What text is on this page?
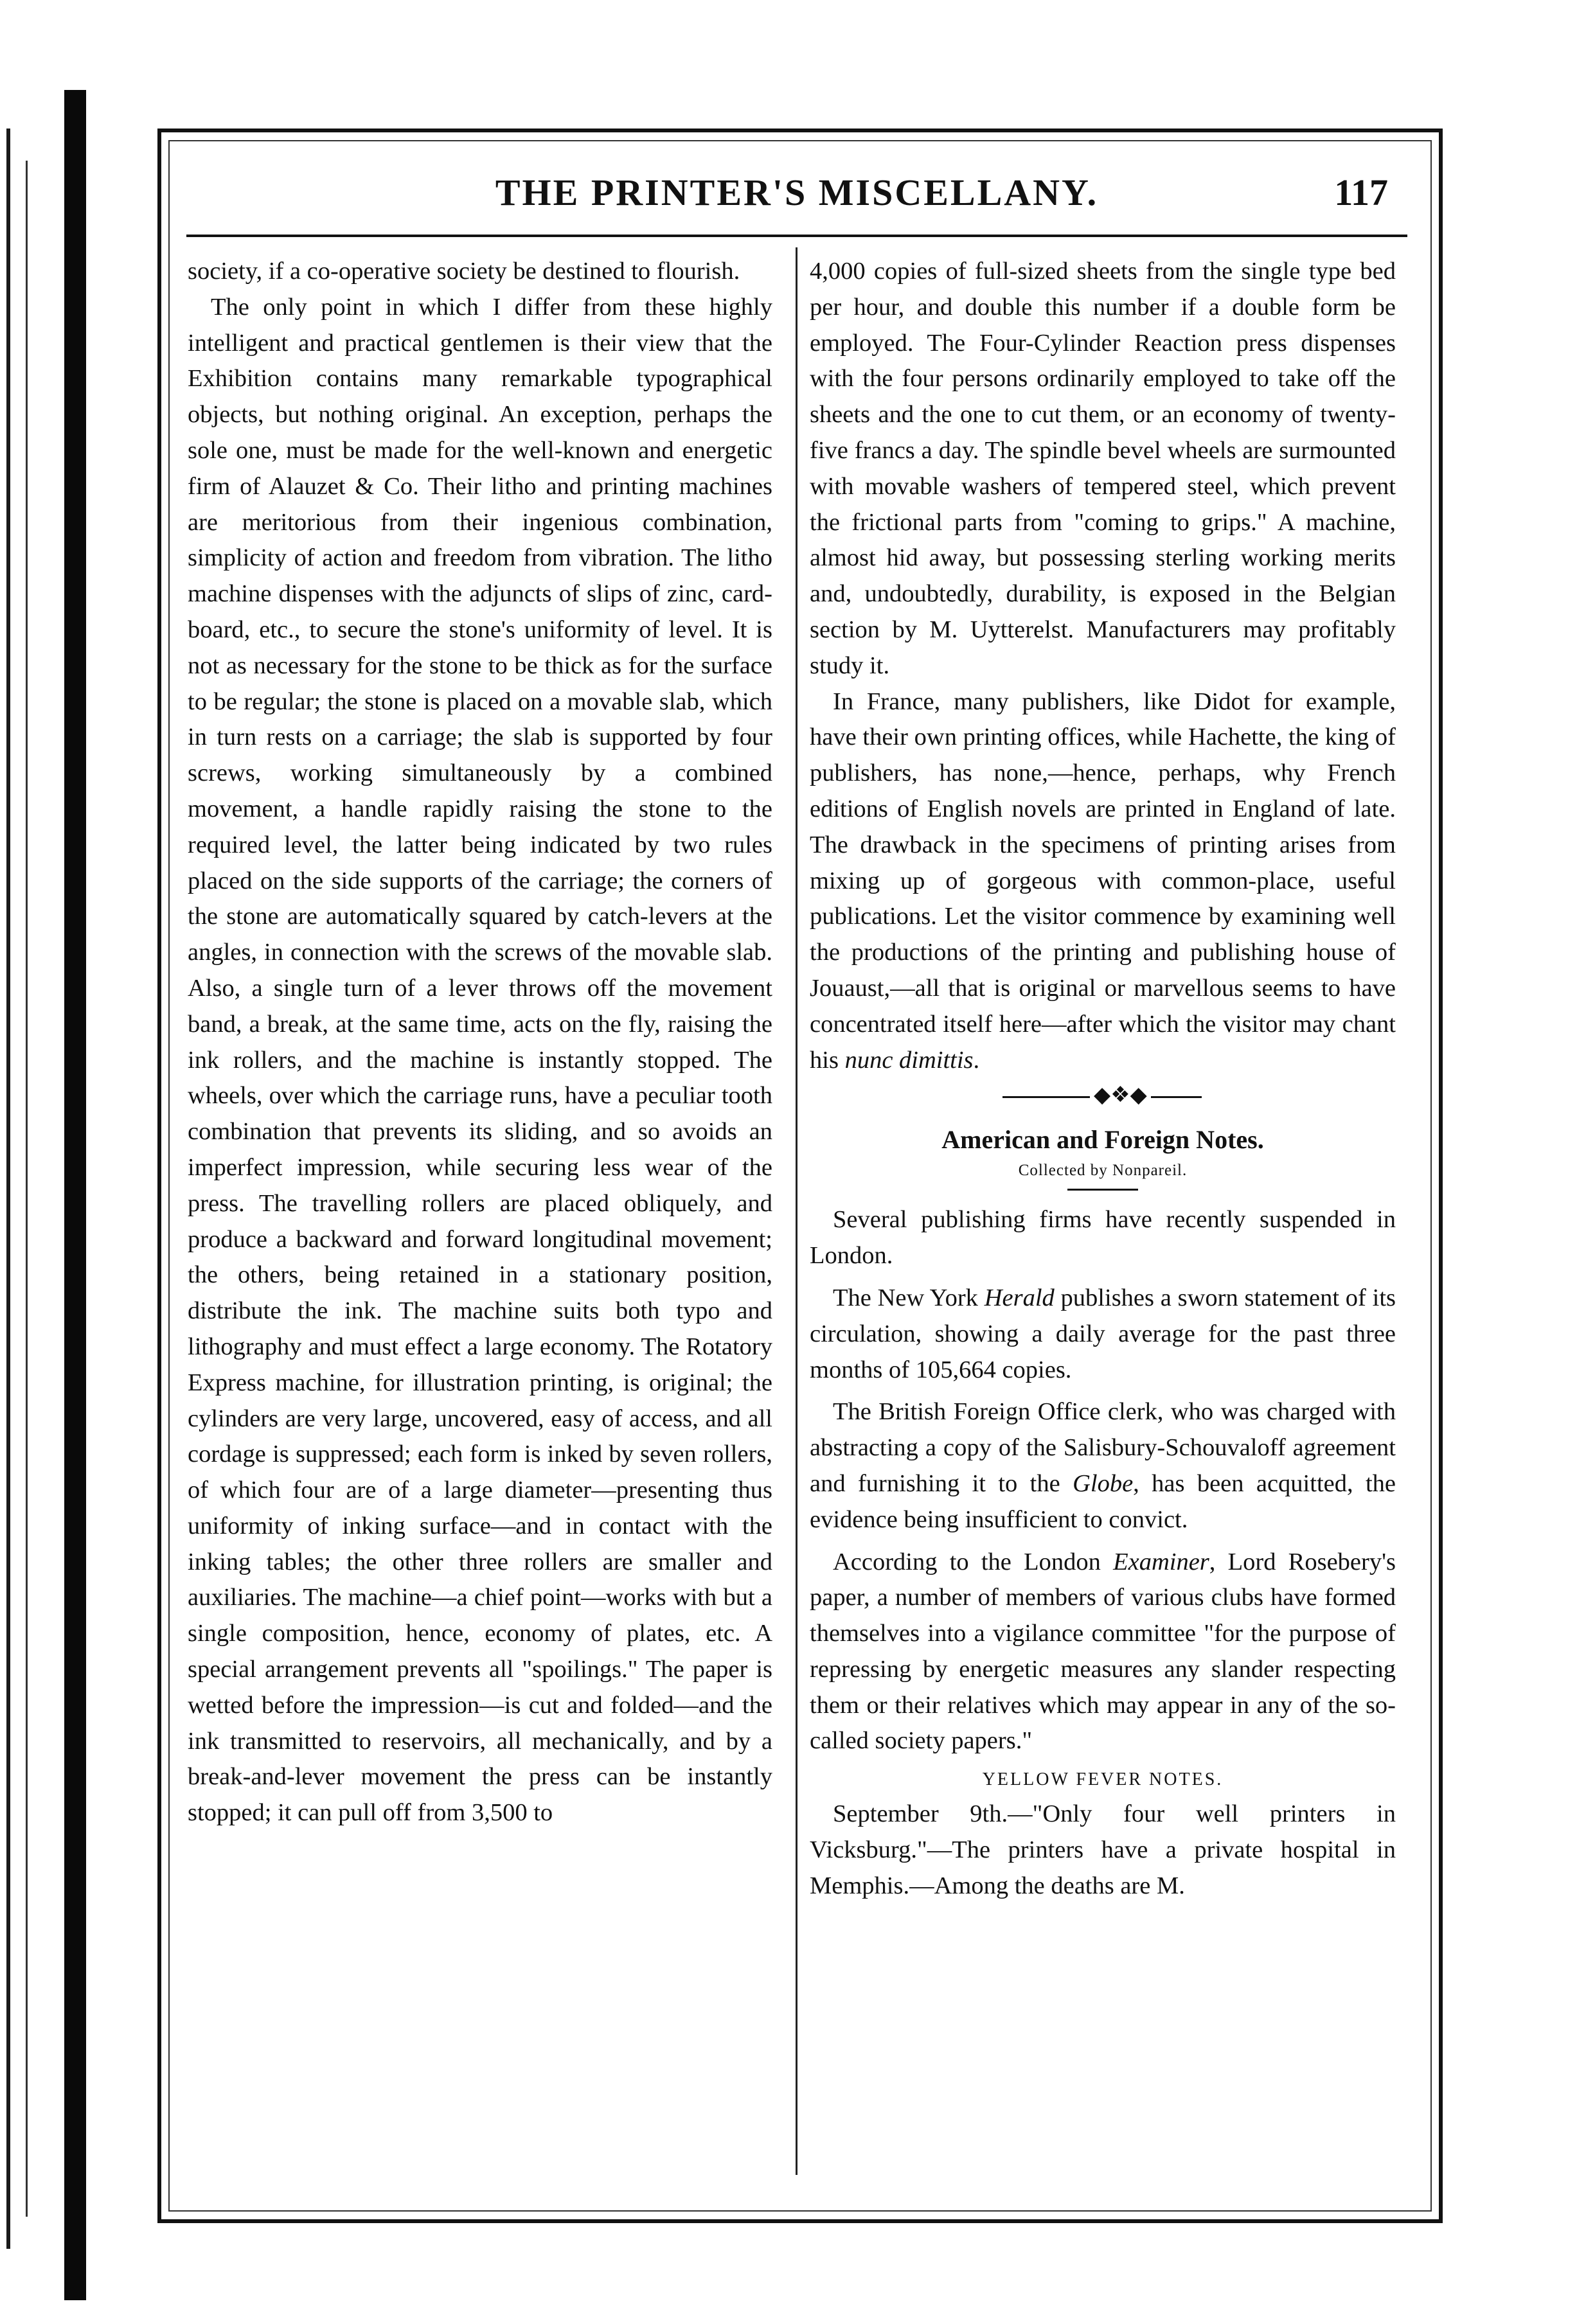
THE PRINTER'S MISCELLANY.	117

society, if a co-operative society be destined to flourish.

The only point in which I differ from these highly intelligent and practical gentlemen is their view that the Exhibition contains many remarkable typographical objects, but nothing original. An exception, perhaps the sole one, must be made for the well-known and energetic firm of Alauzet & Co. Their litho and printing machines are meritorious from their ingenious combination, simplicity of action and freedom from vibration. The litho machine dispenses with the adjuncts of slips of zinc, card-board, etc., to secure the stone's uniformity of level. It is not as necessary for the stone to be thick as for the surface to be regular; the stone is placed on a movable slab, which in turn rests on a carriage; the slab is supported by four screws, working simultaneously by a combined movement, a handle rapidly raising the stone to the required level, the latter being indicated by two rules placed on the side supports of the carriage; the corners of the stone are automatically squared by catch-levers at the angles, in connection with the screws of the movable slab. Also, a single turn of a lever throws off the movement band, a break, at the same time, acts on the fly, raising the ink rollers, and the machine is instantly stopped. The wheels, over which the carriage runs, have a peculiar tooth combination that prevents its sliding, and so avoids an imperfect impression, while securing less wear of the press. The travelling rollers are placed obliquely, and produce a backward and forward longitudinal movement; the others, being retained in a stationary position, distribute the ink. The machine suits both typo and lithography and must effect a large economy. The Rotatory Express machine, for illustration printing, is original; the cylinders are very large, uncovered, easy of access, and all cordage is suppressed; each form is inked by seven rollers, of which four are of a large diameter—presenting thus uniformity of inking surface—and in contact with the inking tables; the other three rollers are smaller and auxiliaries. The machine—a chief point—works with but a single composition, hence, economy of plates, etc. A special arrangement prevents all "spoilings." The paper is wetted before the impression—is cut and folded—and the ink transmitted to reservoirs, all mechanically, and by a break-and-lever movement the press can be instantly stopped; it can pull off from 3,500 to

4,000 copies of full-sized sheets from the single type bed per hour, and double this number if a double form be employed. The Four-Cylinder Reaction press dispenses with the four persons ordinarily employed to take off the sheets and the one to cut them, or an economy of twenty-five francs a day. The spindle bevel wheels are surmounted with movable washers of tempered steel, which prevent the frictional parts from "coming to grips." A machine, almost hid away, but possessing sterling working merits and, undoubtedly, durability, is exposed in the Belgian section by M. Uytterelst. Manufacturers may profitably study it.

In France, many publishers, like Didot for example, have their own printing offices, while Hachette, the king of publishers, has none,—hence, perhaps, why French editions of English novels are printed in England of late. The drawback in the specimens of printing arises from mixing up of gorgeous with common-place, useful publications. Let the visitor commence by examining well the productions of the printing and publishing house of Jouaust,—all that is original or marvellous seems to have concentrated itself here—after which the visitor may chant his nunc dimittis.

◆❖◆
American and Foreign Notes.
Collected by Nonpareil.

Several publishing firms have recently suspended in London.

The New York Herald publishes a sworn statement of its circulation, showing a daily average for the past three months of 105,664 copies.

The British Foreign Office clerk, who was charged with abstracting a copy of the Salisbury-Schouvaloff agreement and furnishing it to the Globe, has been acquitted, the evidence being insufficient to convict.

According to the London Examiner, Lord Rosebery's paper, a number of members of various clubs have formed themselves into a vigilance committee "for the purpose of repressing by energetic measures any slander respecting them or their relatives which may appear in any of the so-called society papers."

YELLOW FEVER NOTES.

September 9th.—"Only four well printers in Vicksburg."—The printers have a private hospital in Memphis.—Among the deaths are M.
